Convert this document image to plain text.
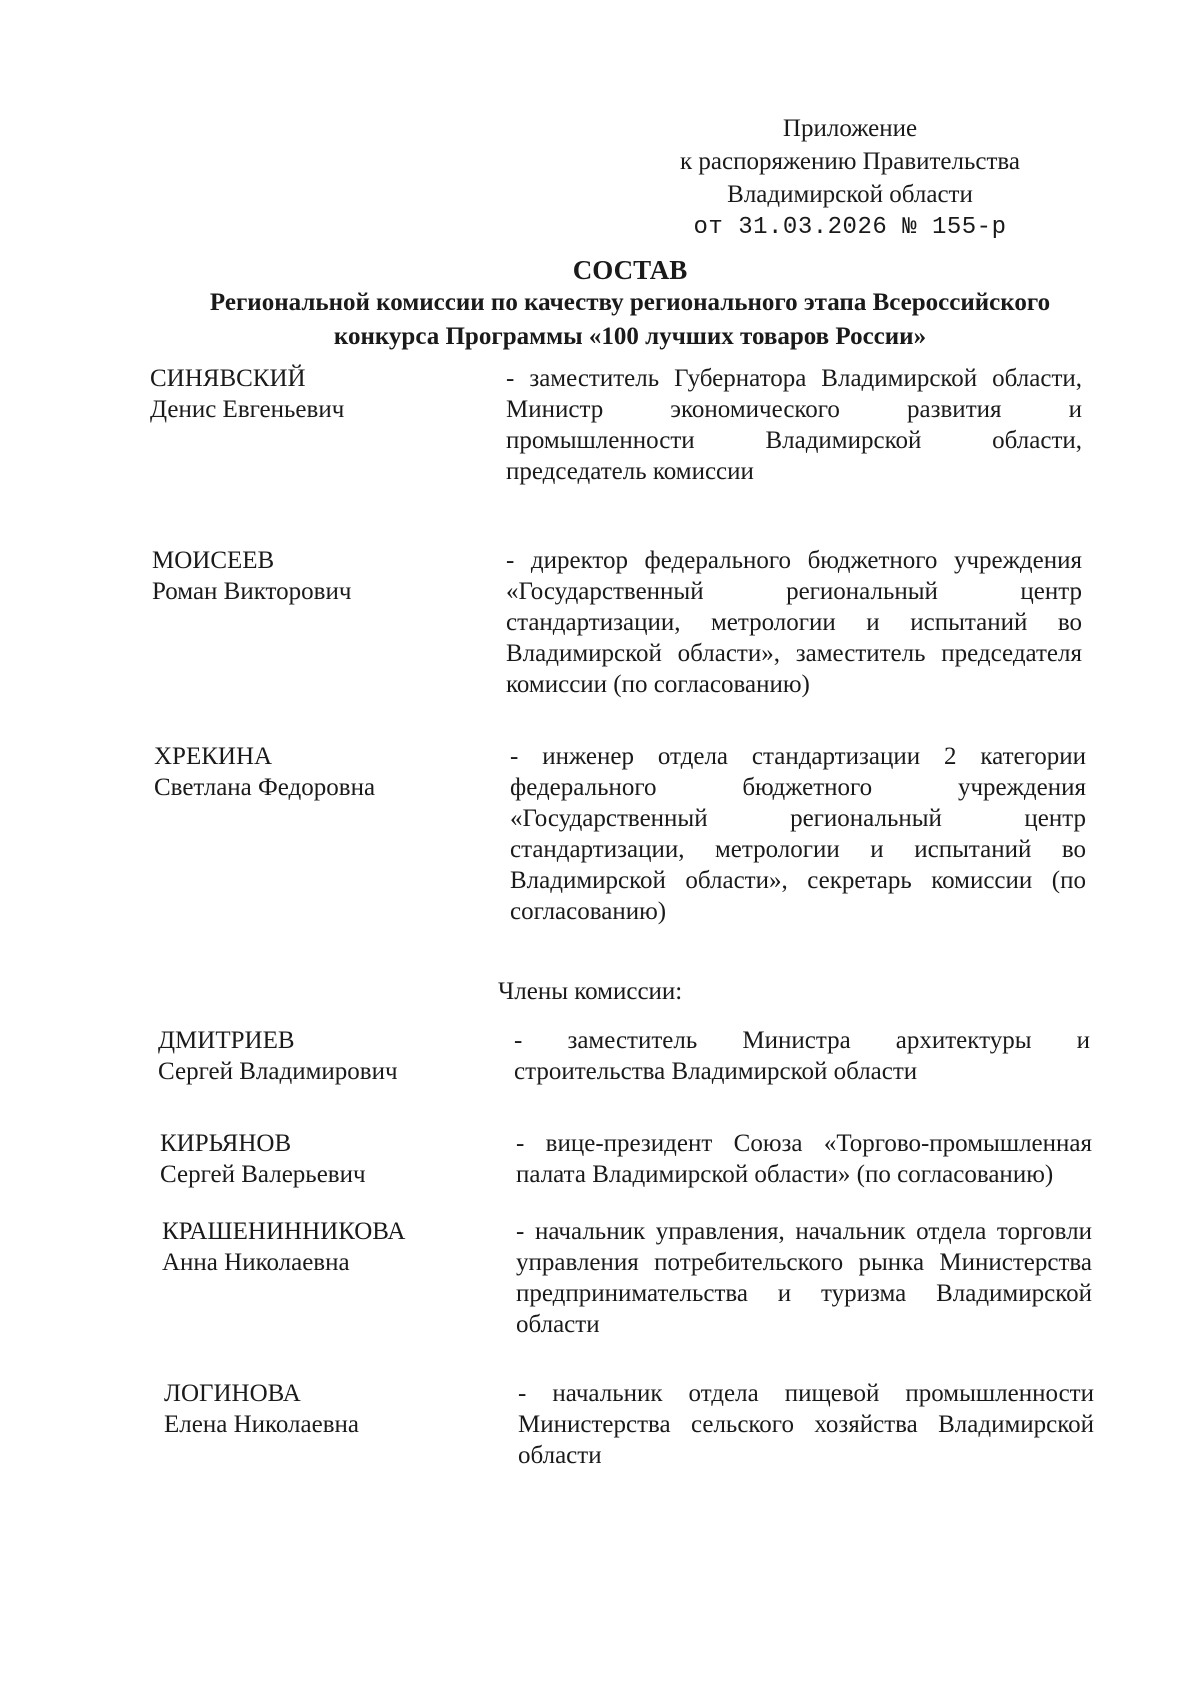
Приложение
к распоряжению Правительства
Владимирской области
от 31.03.2026 № 155-р
СОСТАВ
Региональной комиссии по качеству регионального этапа Всероссийского
конкурса Программы «100 лучших товаров России»
СИНЯВСКИЙ
Денис Евгеньевич
- заместитель Губернатора Владимирской области, Министр экономического развития и промышленности Владимирской области, председатель комиссии
МОИСЕЕВ
Роман Викторович
- директор федерального бюджетного учреждения «Государственный региональный центр стандартизации, метрологии и испытаний во Владимирской области», заместитель председателя комиссии (по согласованию)
ХРЕКИНА
Светлана Федоровна
- инженер отдела стандартизации 2 категории федерального бюджетного учреждения «Государственный региональный центр стандартизации, метрологии и испытаний во Владимирской области», секретарь комиссии (по согласованию)
Члены комиссии:
ДМИТРИЕВ
Сергей Владимирович
- заместитель Министра архитектуры и строительства Владимирской области
КИРЬЯНОВ
Сергей Валерьевич
- вице-президент Союза «Торгово-промышленная палата Владимирской области» (по согласованию)
КРАШЕНИННИКОВА
Анна Николаевна
- начальник управления, начальник отдела торговли управления потребительского рынка Министерства предпринимательства и туризма Владимирской области
ЛОГИНОВА
Елена Николаевна
- начальник отдела пищевой промышленности Министерства сельского хозяйства Владимирской области
